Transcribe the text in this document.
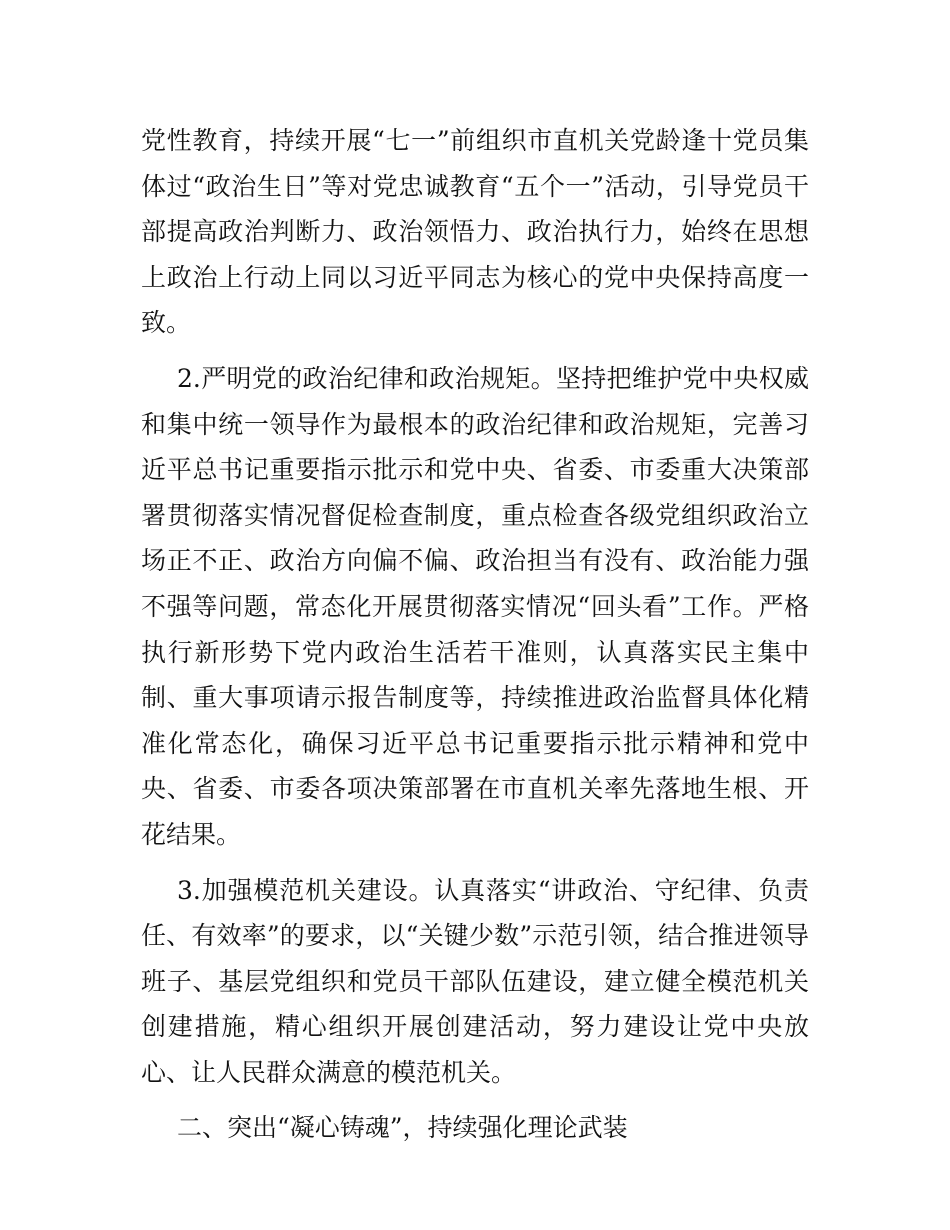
党性教育，持续开展“七一”前组织市直机关党龄逢十党员集体过“政治生日”等对党忠诚教育“五个一”活动，引导党员干部提高政治判断力、政治领悟力、政治执行力，始终在思想上政治上行动上同以习近平同志为核心的党中央保持高度一致。

2.严明党的政治纪律和政治规矩。坚持把维护党中央权威和集中统一领导作为最根本的政治纪律和政治规矩，完善习近平总书记重要指示批示和党中央、省委、市委重大决策部署贯彻落实情况督促检查制度，重点检查各级党组织政治立场正不正、政治方向偏不偏、政治担当有没有、政治能力强不强等问题，常态化开展贯彻落实情况“回头看”工作。严格执行新形势下党内政治生活若干准则，认真落实民主集中制、重大事项请示报告制度等，持续推进政治监督具体化精准化常态化，确保习近平总书记重要指示批示精神和党中央、省委、市委各项决策部署在市直机关率先落地生根、开花结果。

3.加强模范机关建设。认真落实“讲政治、守纪律、负责任、有效率”的要求，以“关键少数”示范引领，结合推进领导班子、基层党组织和党员干部队伍建设，建立健全模范机关创建措施，精心组织开展创建活动，努力建设让党中央放心、让人民群众满意的模范机关。

二、突出“凝心铸魂”，持续强化理论武装
